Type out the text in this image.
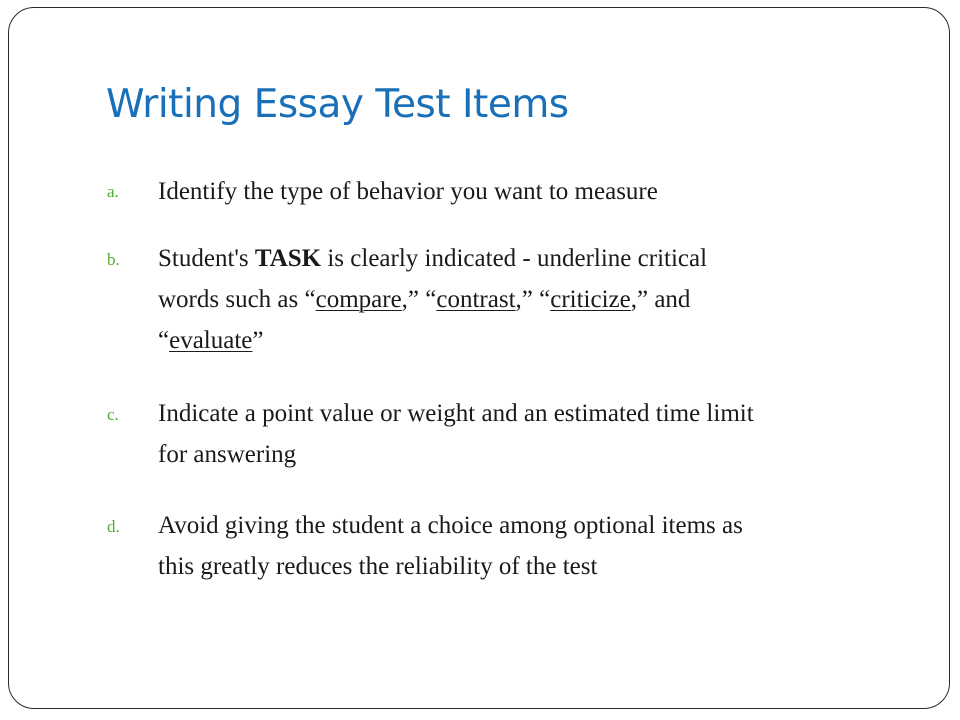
Writing Essay Test Items
a. Identify the type of behavior you want to measure
b. Student's TASK is clearly indicated - underline critical
words such as “compare,” “contrast,” “criticize,” and
“evaluate”
c. Indicate a point value or weight and an estimated time limit
for answering
d. Avoid giving the student a choice among optional items as
this greatly reduces the reliability of the test
